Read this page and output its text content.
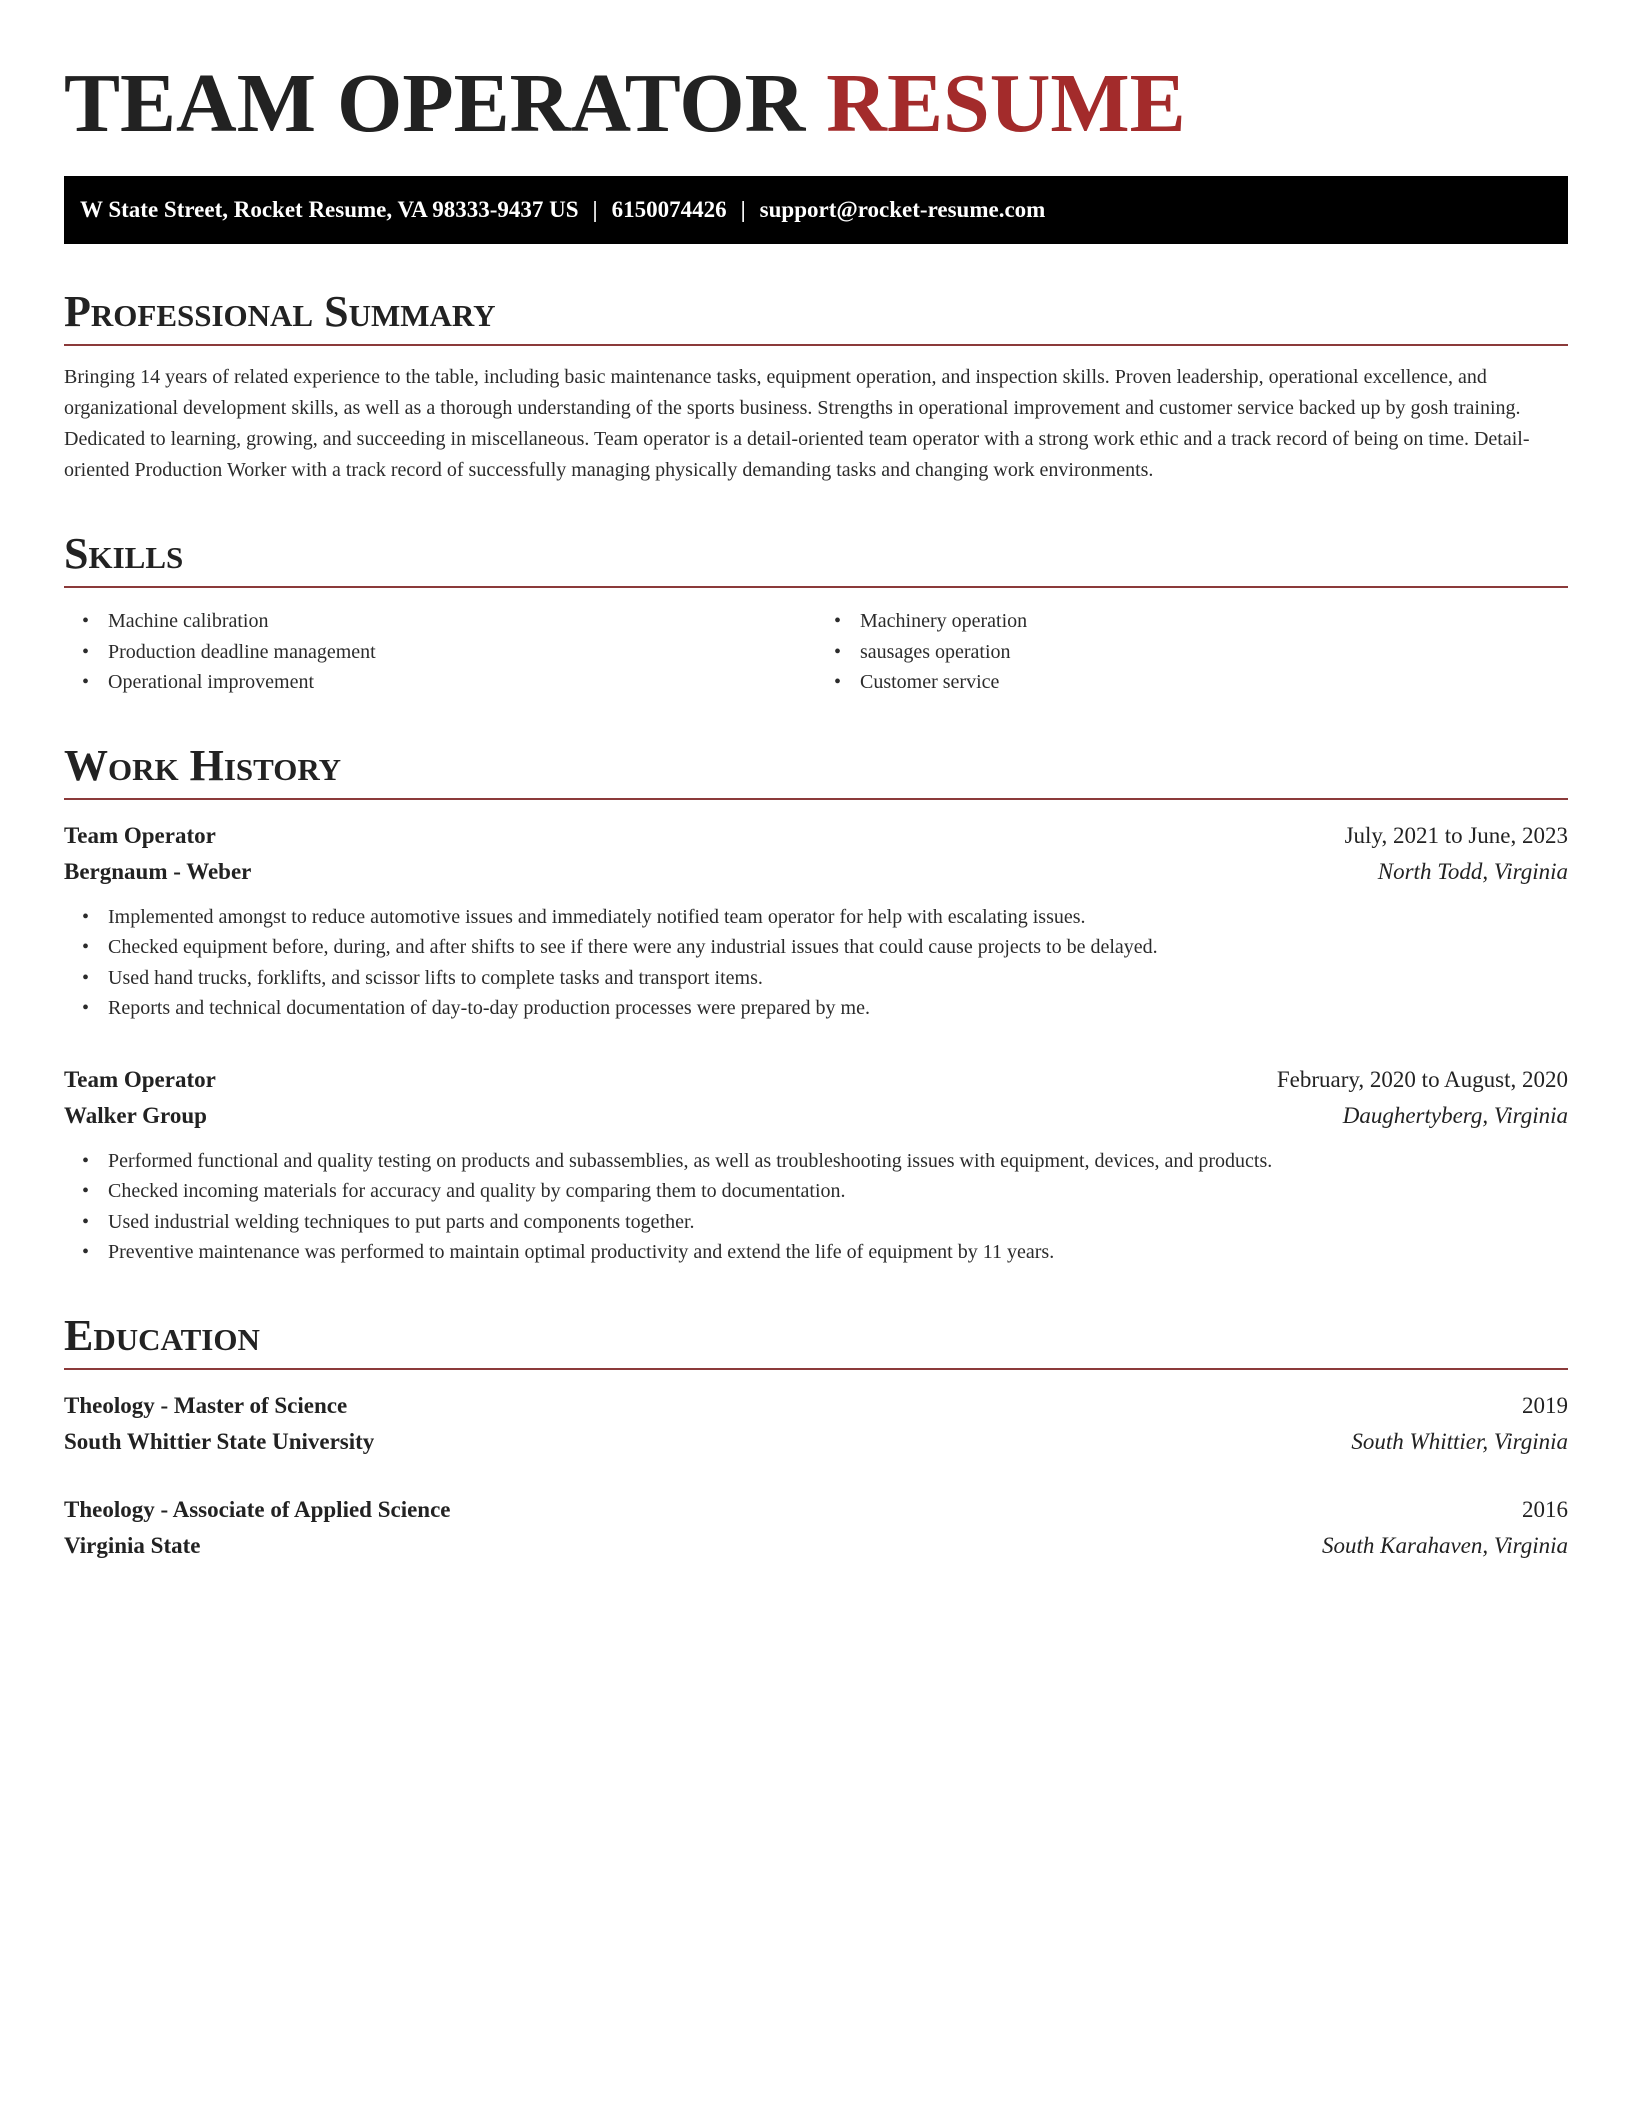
TEAM OPERATOR RESUME
W State Street, Rocket Resume, VA 98333-9437 US | 6150074426 | support@rocket-resume.com
Professional Summary

Bringing 14 years of related experience to the table, including basic maintenance tasks, equipment operation, and inspection skills. Proven leadership, operational excellence, and organizational development skills, as well as a thorough understanding of the sports business. Strengths in operational improvement and customer service backed up by gosh training. Dedicated to learning, growing, and succeeding in miscellaneous. Team operator is a detail-oriented team operator with a strong work ethic and a track record of being on time. Detail-oriented Production Worker with a track record of successfully managing physically demanding tasks and changing work environments.

Skills
• Machine calibration
• Production deadline management
• Operational improvement
• Machinery operation
• sausages operation
• Customer service
Work History
Team Operator	July, 2021 to June, 2023
Bergnaum - Weber	North Todd, Virginia
• Implemented amongst to reduce automotive issues and immediately notified team operator for help with escalating issues.
• Checked equipment before, during, and after shifts to see if there were any industrial issues that could cause projects to be delayed.
• Used hand trucks, forklifts, and scissor lifts to complete tasks and transport items.
• Reports and technical documentation of day-to-day production processes were prepared by me.
Team Operator	February, 2020 to August, 2020
Walker Group	Daughertyberg, Virginia
• Performed functional and quality testing on products and subassemblies, as well as troubleshooting issues with equipment, devices, and products.
• Checked incoming materials for accuracy and quality by comparing them to documentation.
• Used industrial welding techniques to put parts and components together.
• Preventive maintenance was performed to maintain optimal productivity and extend the life of equipment by 11 years.
Education
Theology - Master of Science	2019
South Whittier State University	South Whittier, Virginia
Theology - Associate of Applied Science	2016
Virginia State	South Karahaven, Virginia
